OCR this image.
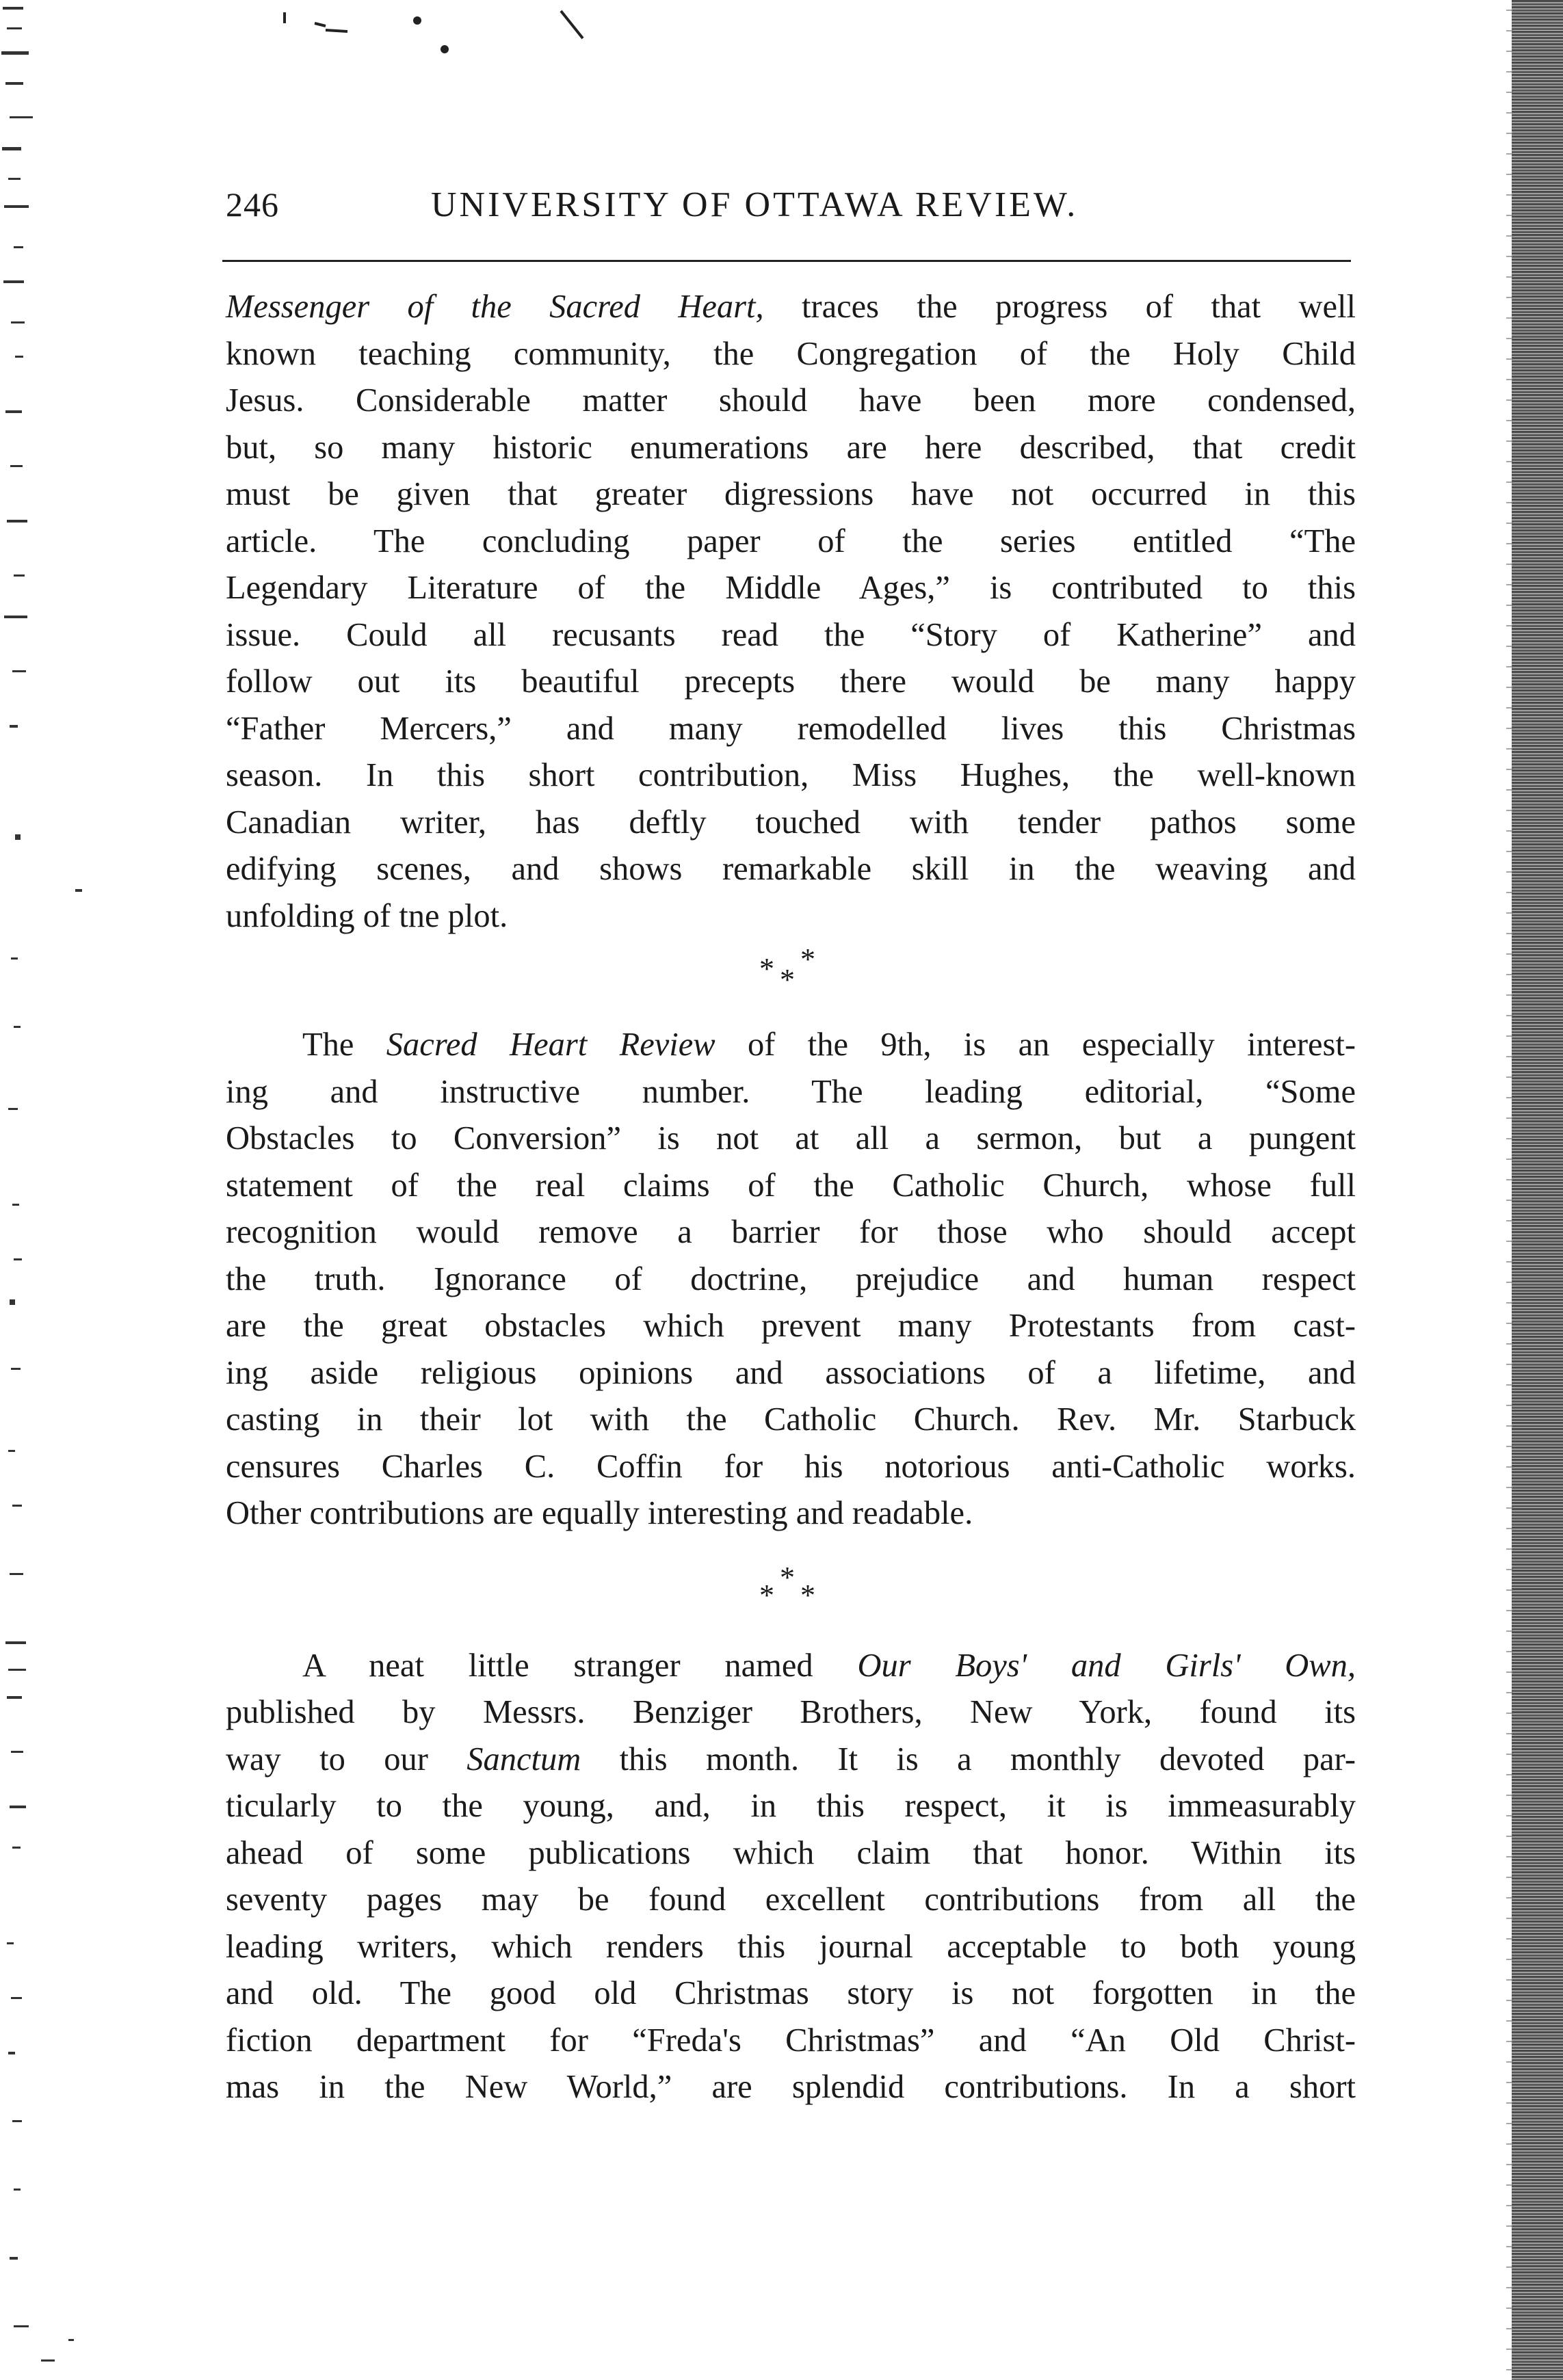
246	UNIVERSITY OF OTTAWA REVIEW.
Messenger of the Sacred Heart, traces the progress of that well
known teaching community, the Congregation of the Holy Child
Jesus. Considerable matter should have been more condensed,
but, so many historic enumerations are here described, that credit
must be given that greater digressions have not occurred in this
article. The concluding paper of the series entitled “The
Legendary Literature of the Middle Ages,” is contributed to this
issue. Could all recusants read the “Story of Katherine” and
follow out its beautiful precepts there would be many happy
“Father Mercers,” and many remodelled lives this Christmas
season. In this short contribution, Miss Hughes, the well-known
Canadian writer, has deftly touched with tender pathos some
edifying scenes, and shows remarkable skill in the weaving and
unfolding of tne plot.
* *
*
The Sacred Heart Review of the 9th, is an especially interest-
ing and instructive number. The leading editorial, “Some
Obstacles to Conversion” is not at all a sermon, but a pungent
statement of the real claims of the Catholic Church, whose full
recognition would remove a barrier for those who should accept
the truth. Ignorance of doctrine, prejudice and human respect
are the great obstacles which prevent many Protestants from cast-
ing aside religious opinions and associations of a lifetime, and
casting in their lot with the Catholic Church. Rev. Mr. Starbuck
censures Charles C. Coffin for his notorious anti-Catholic works.
Other contributions are equally interesting and readable.
*
* *
A neat little stranger named Our Boys' and Girls' Own,
published by Messrs. Benziger Brothers, New York, found its
way to our Sanctum this month. It is a monthly devoted par-
ticularly to the young, and, in this respect, it is immeasurably
ahead of some publications which claim that honor. Within its
seventy pages may be found excellent contributions from all the
leading writers, which renders this journal acceptable to both young
and old. The good old Christmas story is not forgotten in the
fiction department for “Freda's Christmas” and “An Old Christ-
mas in the New World,” are splendid contributions. In a short
